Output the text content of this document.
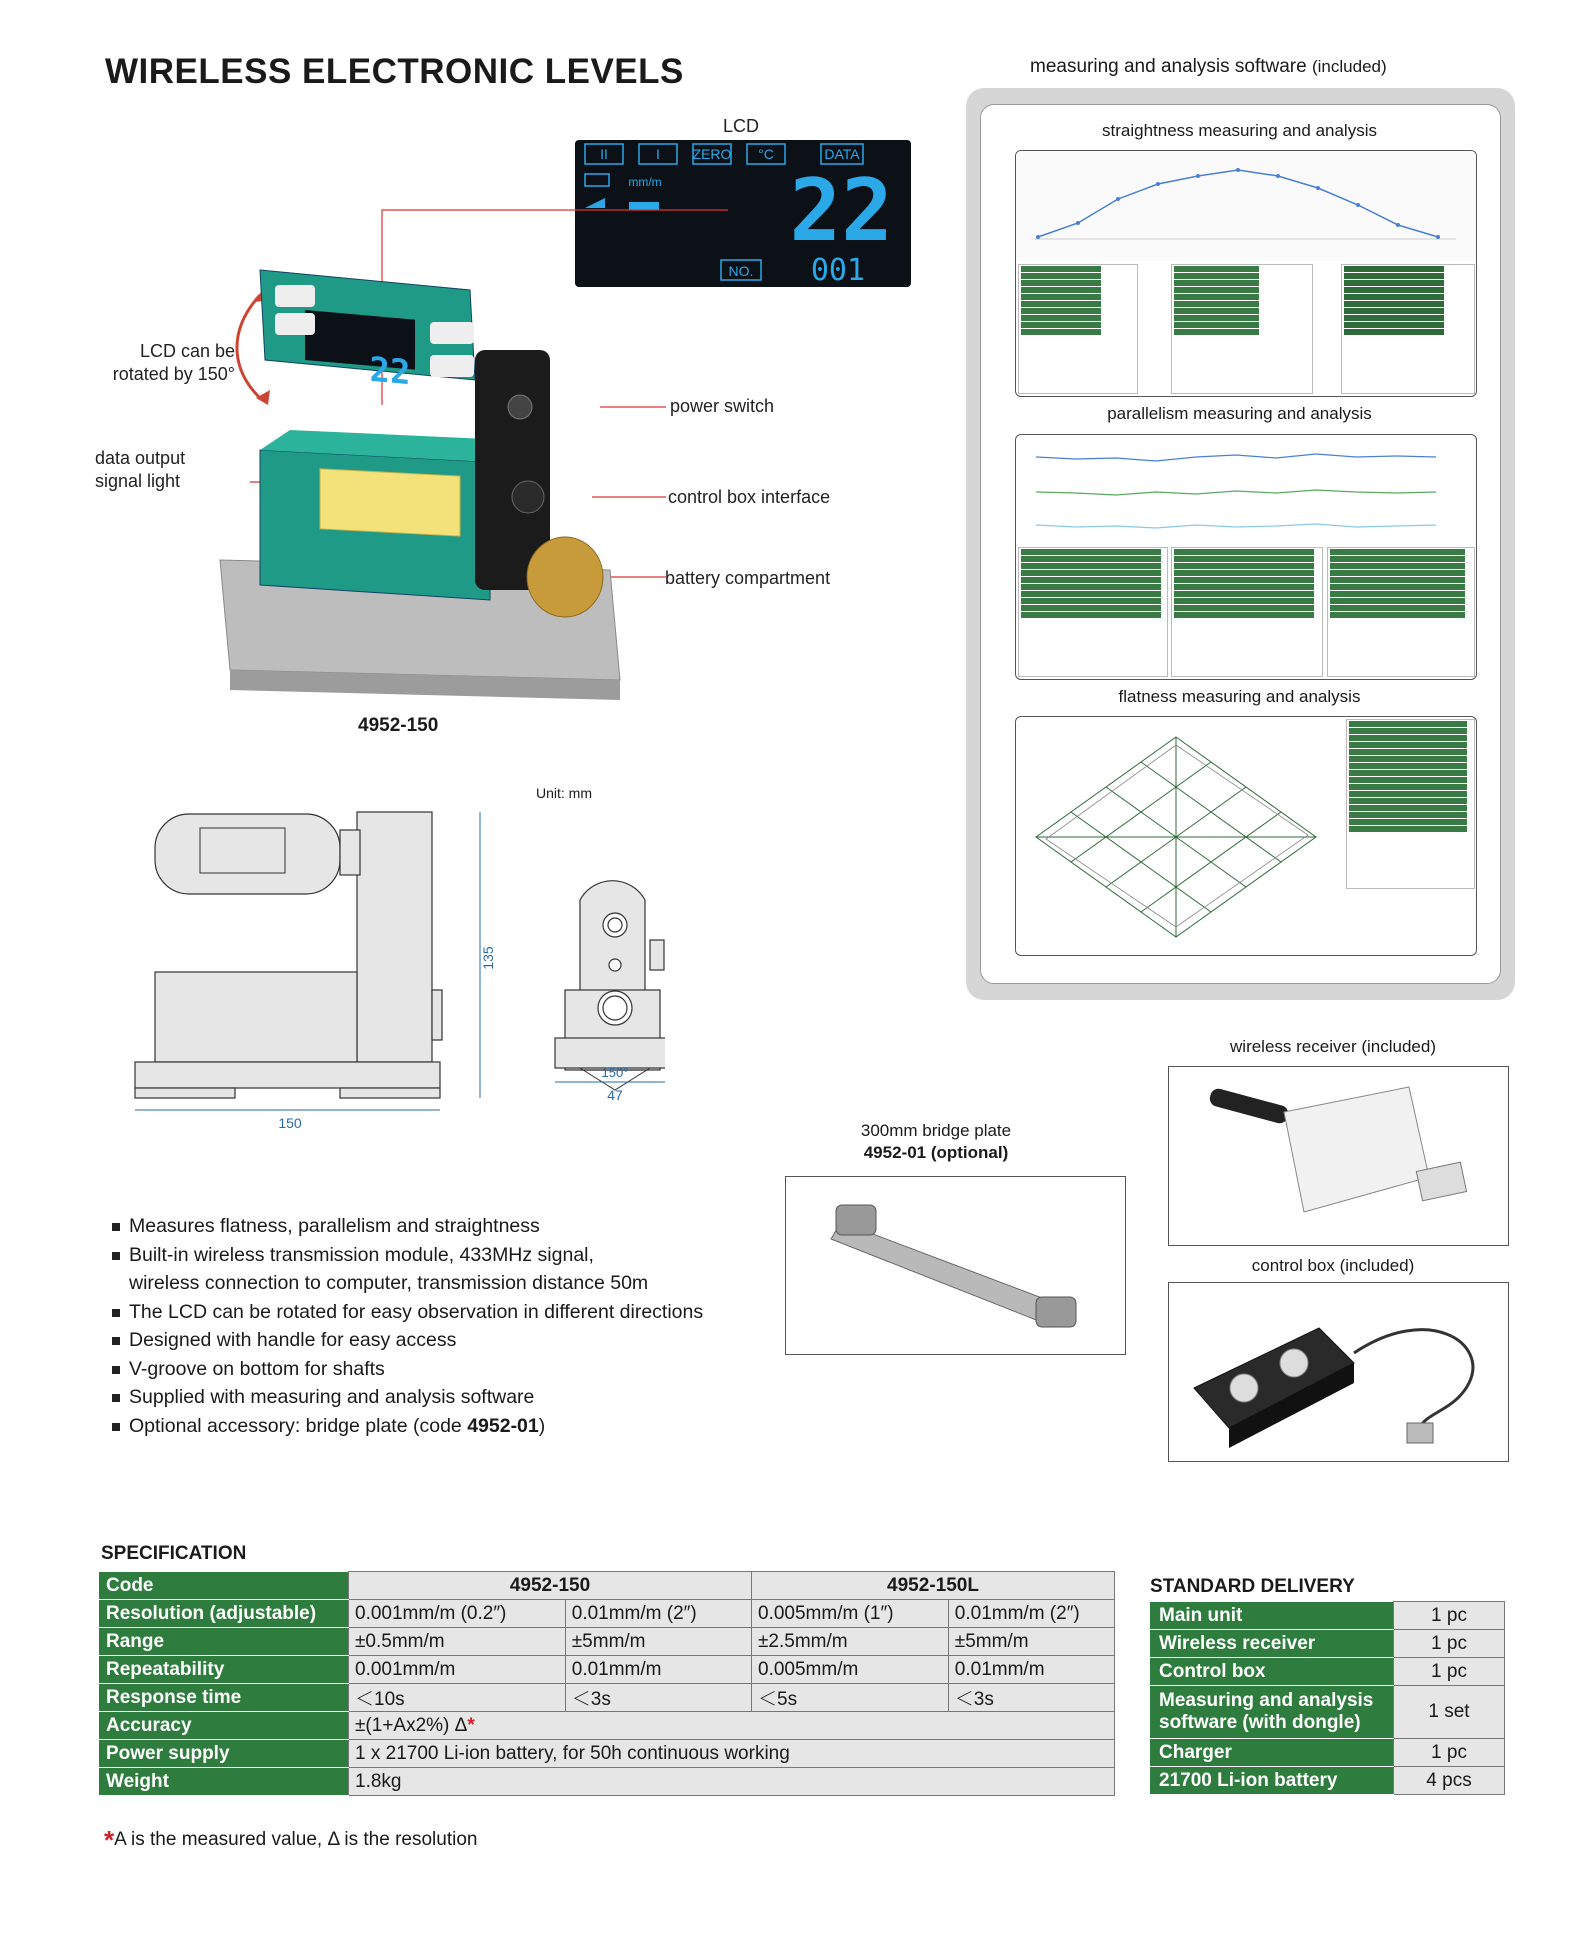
WIRELESS ELECTRONIC LEVELS	measuring and analysis software (included)
straightness measuring and analysis
parallelism measuring and analysis
flatness measuring and analysis
LCD
II	I ZERO °C	DATA
mm/m
NO.
22
001
22
LCD can be rotated by 150°
data output signal light
power switch
control box interface
battery compartment
4952-150
Unit: mm
135
150
150°
47
Measures flatness, parallelism and straightness
Built-in wireless transmission module, 433MHz signal,
wireless connection to computer, transmission distance 50m
The LCD can be rotated for easy observation in different directions
Designed with handle for easy access
V-groove on bottom for shafts
Supplied with measuring and analysis software
Optional accessory: bridge plate (code 4952-01)
300mm bridge plate
4952-01 (optional)
wireless receiver (included)
control box (included)
SPECIFICATION
Code	4952-150		4952-150L	
Resolution (adjustable)	0.001mm/m (0.2″)	0.01mm/m (2″)	0.005mm/m (1″)	0.01mm/m (2″)
Range	±0.5mm/m	±5mm/m	±2.5mm/m	±5mm/m
Repeatability	0.001mm/m	0.01mm/m	0.005mm/m	0.01mm/m
Response time	＜10s	＜3s	＜5s	＜3s
Accuracy	±(1+Ax2%) Δ*			
Power supply	1 x 21700 Li-ion battery, for 50h continuous working			
Weight	1.8kg			
*A is the measured value, Δ is the resolution
STANDARD DELIVERY
Main unit	1 pc
Wireless receiver	1 pc
Control box	1 pc
Measuring and analysis software (with dongle)	1 set
Charger	1 pc
21700 Li-ion battery	4 pcs
